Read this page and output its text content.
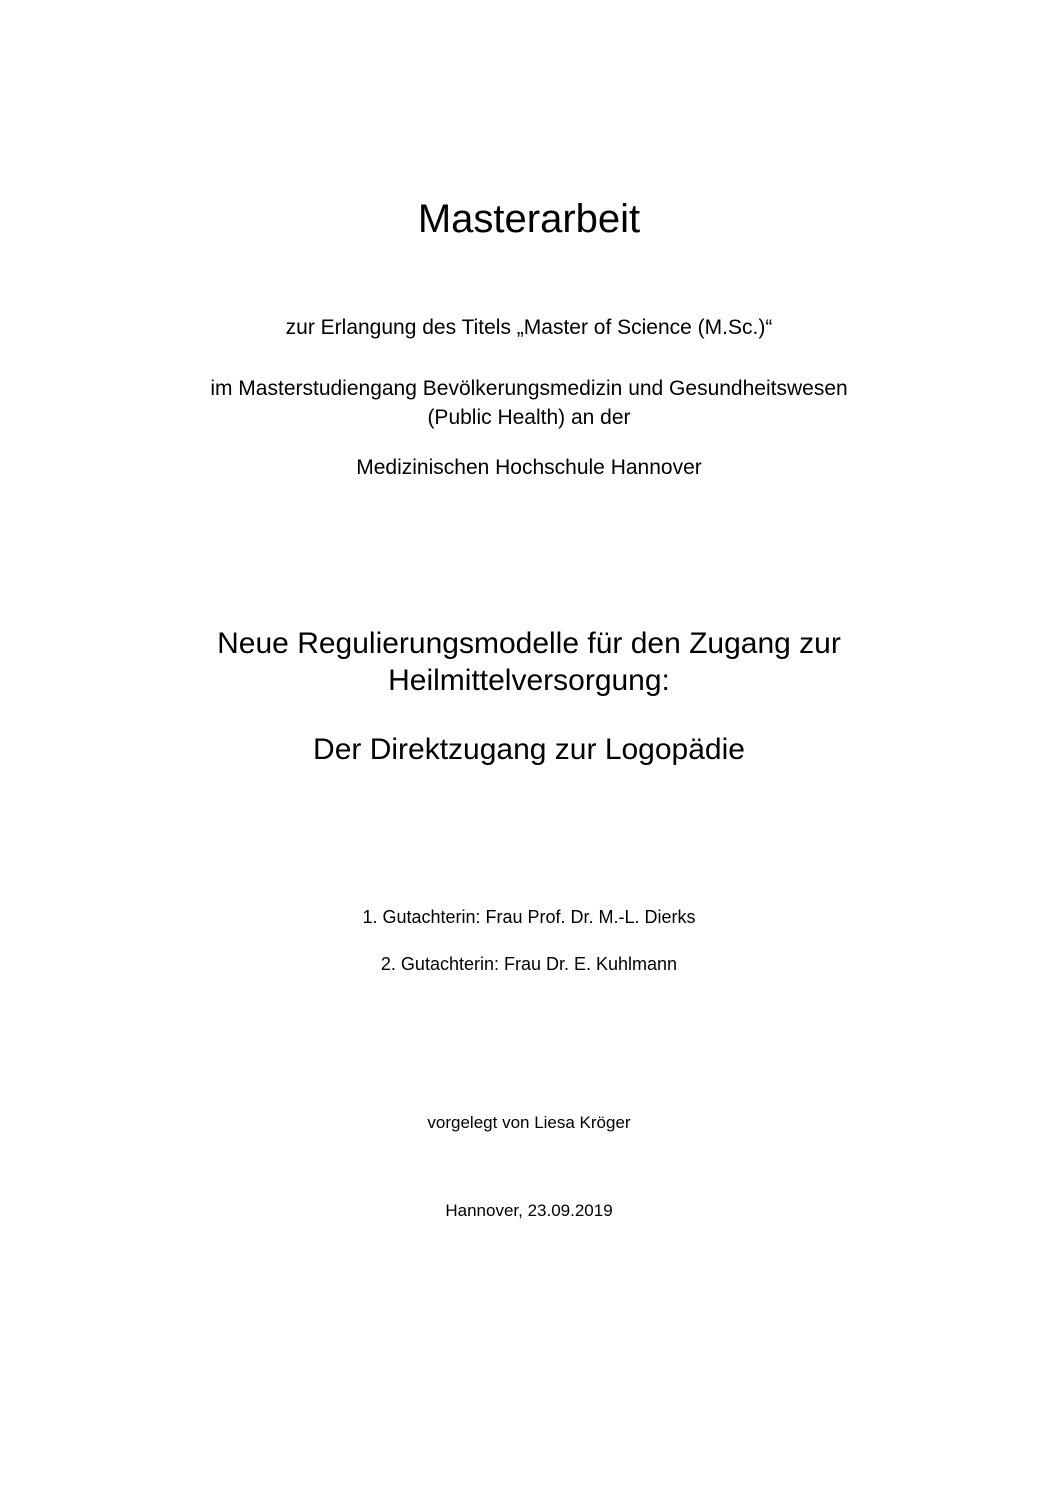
Masterarbeit
zur Erlangung des Titels „Master of Science (M.Sc.)“
im Masterstudiengang Bevölkerungsmedizin und Gesundheitswesen
(Public Health) an der
Medizinischen Hochschule Hannover
Neue Regulierungsmodelle für den Zugang zur
Heilmittelversorgung:
Der Direktzugang zur Logopädie
1. Gutachterin: Frau Prof. Dr. M.-L. Dierks
2. Gutachterin: Frau Dr. E. Kuhlmann
vorgelegt von Liesa Kröger
Hannover, 23.09.2019
